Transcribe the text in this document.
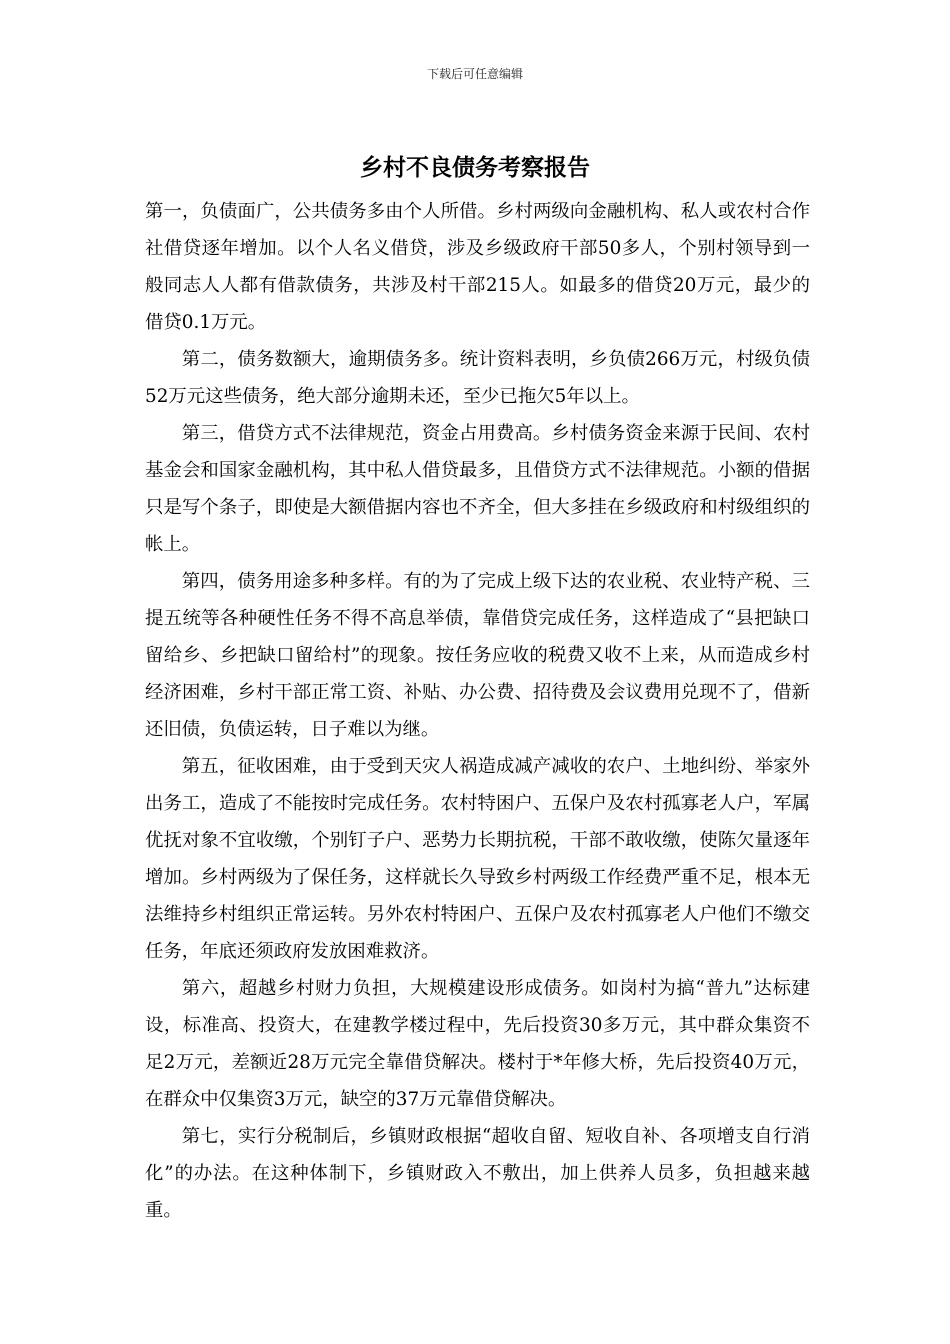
下载后可任意编辑
乡村不良债务考察报告

第一，负债面广，公共债务多由个人所借。乡村两级向金融机构、私人或农村合作社借贷逐年增加。以个人名义借贷，涉及乡级政府干部50多人，个别村领导到一般同志人人都有借款债务，共涉及村干部215人。如最多的借贷20万元，最少的借贷0.1万元。

第二，债务数额大，逾期债务多。统计资料表明，乡负债266万元，村级负债52万元这些债务，绝大部分逾期未还，至少已拖欠5年以上。

第三，借贷方式不法律规范，资金占用费高。乡村债务资金来源于民间、农村基金会和国家金融机构，其中私人借贷最多，且借贷方式不法律规范。小额的借据只是写个条子，即使是大额借据内容也不齐全，但大多挂在乡级政府和村级组织的帐上。

第四，债务用途多种多样。有的为了完成上级下达的农业税、农业特产税、三提五统等各种硬性任务不得不高息举债，靠借贷完成任务，这样造成了“县把缺口留给乡、乡把缺口留给村”的现象。按任务应收的税费又收不上来，从而造成乡村经济困难，乡村干部正常工资、补贴、办公费、招待费及会议费用兑现不了，借新还旧债，负债运转，日子难以为继。

第五，征收困难，由于受到天灾人祸造成减产减收的农户、土地纠纷、举家外出务工，造成了不能按时完成任务。农村特困户、五保户及农村孤寡老人户，军属优抚对象不宜收缴，个别钉子户、恶势力长期抗税，干部不敢收缴，使陈欠量逐年增加。乡村两级为了保任务，这样就长久导致乡村两级工作经费严重不足，根本无法维持乡村组织正常运转。另外农村特困户、五保户及农村孤寡老人户他们不缴交任务，年底还须政府发放困难救济。

第六，超越乡村财力负担，大规模建设形成债务。如岗村为搞“普九”达标建设，标准高、投资大，在建教学楼过程中，先后投资30多万元，其中群众集资不足2万元，差额近28万元完全靠借贷解决。楼村于*年修大桥，先后投资40万元，在群众中仅集资3万元，缺空的37万元靠借贷解决。

第七，实行分税制后，乡镇财政根据“超收自留、短收自补、各项增支自行消化”的办法。在这种体制下，乡镇财政入不敷出，加上供养人员多，负担越来越重。
